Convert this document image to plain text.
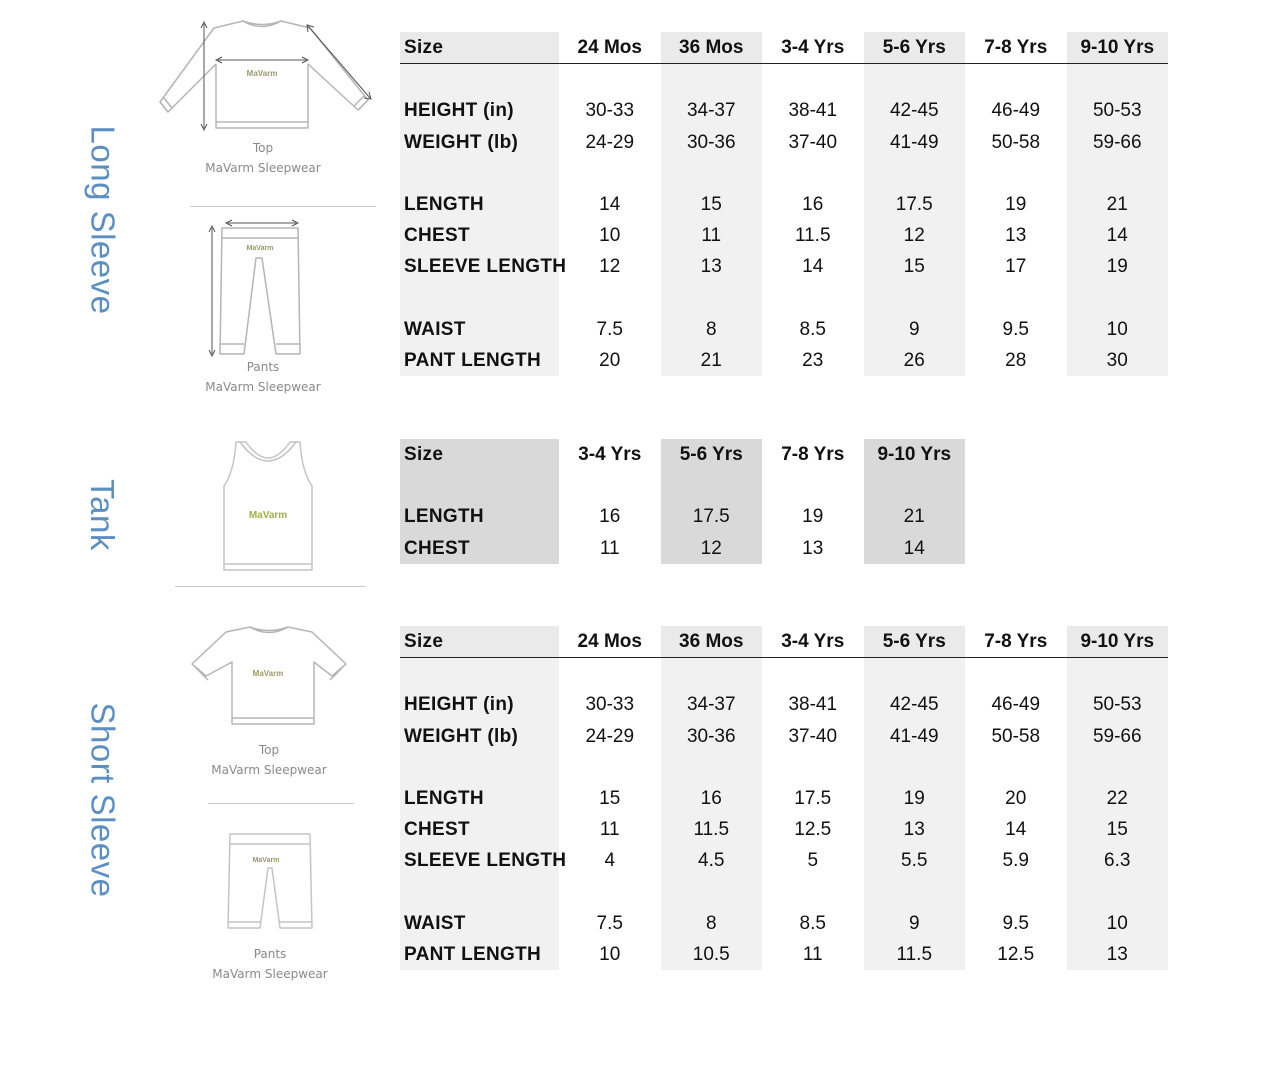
Long Sleeve
Tank
Short Sleeve
MaVarm
Top
MaVarm Sleepwear
MaVarm
Pants
MaVarm Sleepwear
MaVarm
MaVarm
Top
MaVarm Sleepwear
MaVarm
Pants
MaVarm Sleepwear
Size	24 Mos	36 Mos	3-4 Yrs	5-6 Yrs	7-8 Yrs	9-10 Yrs

HEIGHT (in)	30-33	34-37	38-41	42-45	46-49	50-53
WEIGHT (lb)	24-29	30-36	37-40	41-49	50-58	59-66

LENGTH	14	15	16	17.5	19	21
CHEST	10	11	11.5	12	13	14
SLEEVE LENGTH	12	13	14	15	17	19

WAIST	7.5	8	8.5	9	9.5	10
PANT LENGTH	20	21	23	26	28	30
Size	3-4 Yrs	5-6 Yrs	7-8 Yrs	9-10 Yrs

LENGTH	16	17.5	19	21
CHEST	11	12	13	14
Size	24 Mos	36 Mos	3-4 Yrs	5-6 Yrs	7-8 Yrs	9-10 Yrs

HEIGHT (in)	30-33	34-37	38-41	42-45	46-49	50-53
WEIGHT (lb)	24-29	30-36	37-40	41-49	50-58	59-66

LENGTH	15	16	17.5	19	20	22
CHEST	11	11.5	12.5	13	14	15
SLEEVE LENGTH	4	4.5	5	5.5	5.9	6.3

WAIST	7.5	8	8.5	9	9.5	10
PANT LENGTH	10	10.5	11	11.5	12.5	13
